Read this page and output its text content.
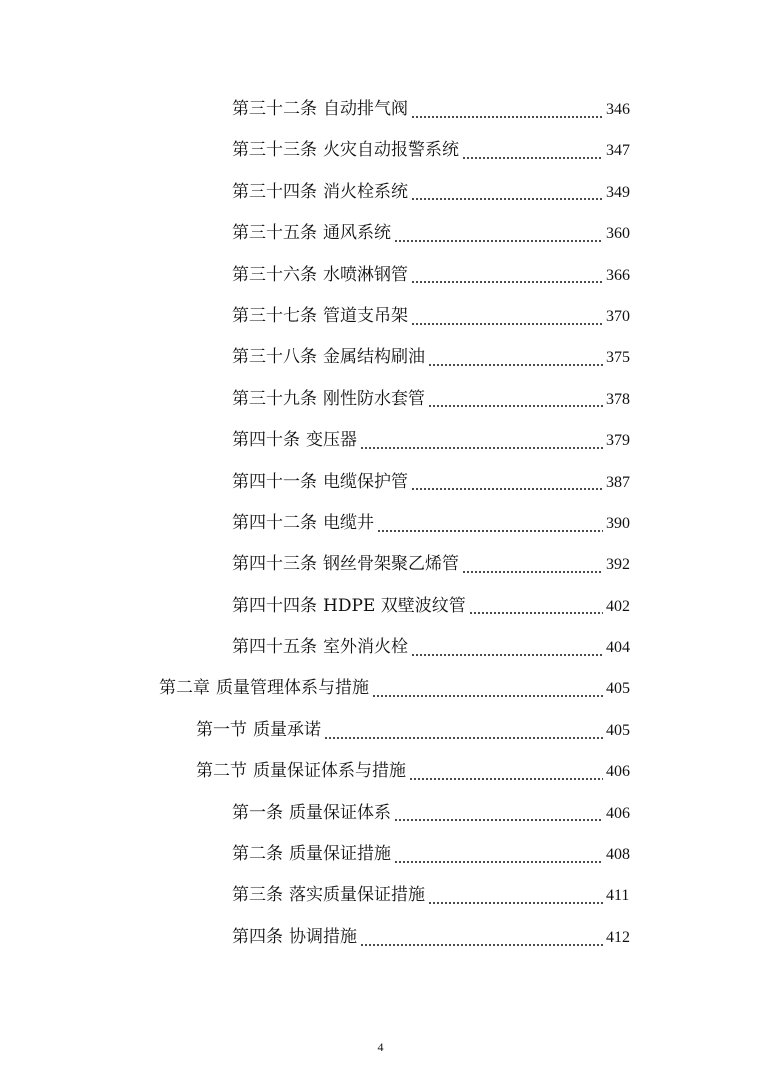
第三十二条 自动排气阀	346
第三十三条 火灾自动报警系统	347
第三十四条 消火栓系统	349
第三十五条 通风系统	360
第三十六条 水喷淋钢管	366
第三十七条 管道支吊架	370
第三十八条 金属结构刷油	375
第三十九条 刚性防水套管	378
第四十条 变压器	379
第四十一条 电缆保护管	387
第四十二条 电缆井	390
第四十三条 钢丝骨架聚乙烯管	392
第四十四条 HDPE 双壁波纹管	402
第四十五条 室外消火栓	404
第二章 质量管理体系与措施	405
第一节 质量承诺	405
第二节 质量保证体系与措施	406
第一条 质量保证体系	406
第二条 质量保证措施	408
第三条 落实质量保证措施	411
第四条 协调措施	412
4
